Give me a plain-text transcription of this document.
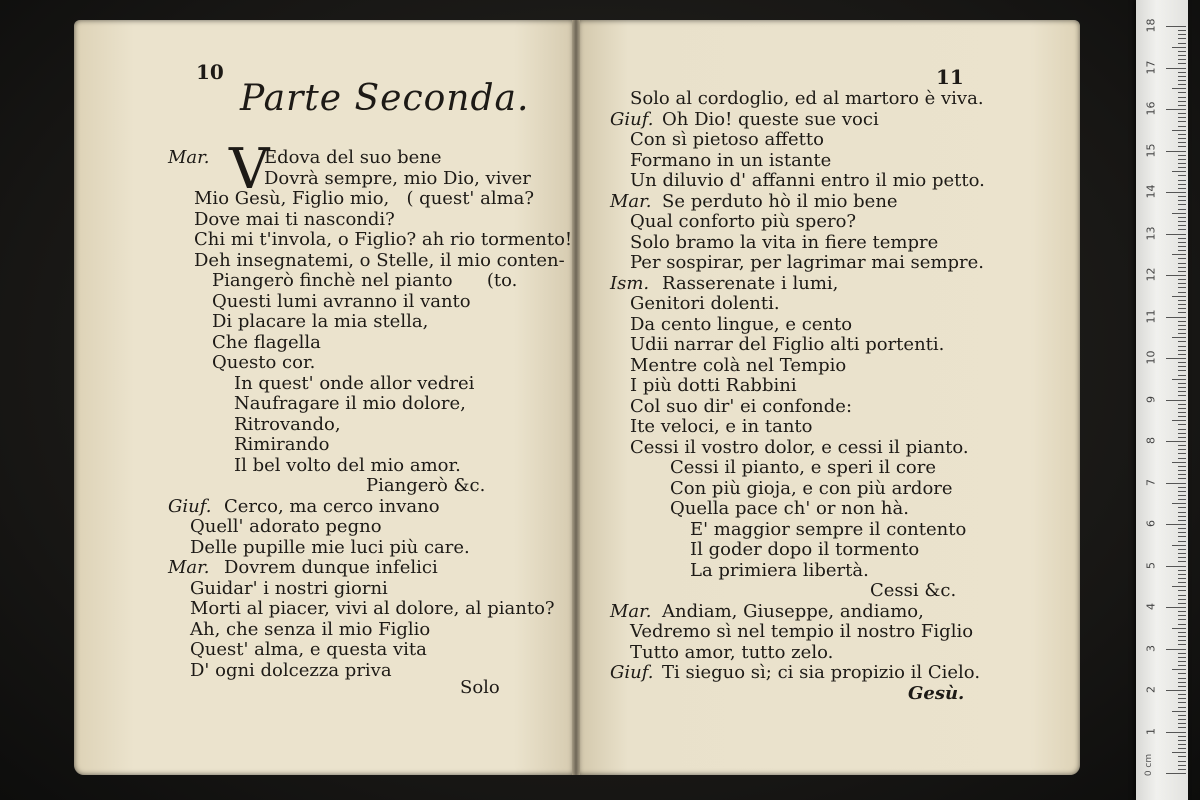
10
Parte Seconda.
V
Mar.	Edova del suo bene
Dovrà sempre, mio Dio, viver
Mio Gesù, Figlio mio,   ( quest' alma?
Dove mai ti nascondi?
Chi mi t'invola, o Figlio? ah rio tormento!
Deh insegnatemi, o Stelle, il mio conten-
Piangerò finchè nel pianto      (to.
Questi lumi avranno il vanto
Di placare la mia stella,
Che flagella
Questo cor.
In quest' onde allor vedrei
Naufragare il mio dolore,
Ritrovando,
Rimirando
Il bel volto del mio amor.
Piangerò &c.
Giuf. Cerco, ma cerco invano
Quell' adorato pegno
Delle pupille mie luci più care.
Mar. Dovrem dunque infelici
Guidar' i nostri giorni
Morti al piacer, vivi al dolore, al pianto?
Ah, che senza il mio Figlio
Quest' alma, e questa vita
D' ogni dolcezza priva
Solo
11
Solo al cordoglio, ed al martoro è viva.
Giuf. Oh Dio! queste sue voci
Con sì pietoso affetto
Formano in un istante
Un diluvio d' affanni entro il mio petto.
Mar. Se perduto hò il mio bene
Qual conforto più spero?
Solo bramo la vita in fiere tempre
Per sospirar, per lagrimar mai sempre.
Ism. Rasserenate i lumi,
Genitori dolenti.
Da cento lingue, e cento
Udii narrar del Figlio alti portenti.
Mentre colà nel Tempio
I più dotti Rabbini
Col suo dir' ei confonde:
Ite veloci, e in tanto
Cessi il vostro dolor, e cessi il pianto.
Cessi il pianto, e speri il core
Con più gioja, e con più ardore
Quella pace ch' or non hà.
E' maggior sempre il contento
Il goder dopo il tormento
La primiera libertà.
Cessi &c.
Mar. Andiam, Giuseppe, andiamo,
Vedremo sì nel tempio il nostro Figlio
Tutto amor, tutto zelo.
Giuf. Ti sieguo sì; ci sia propizio il Cielo.
Gesù.
0 cm
1
2
3
4
5
6
7
8
9
10
11
12
13
14
15
16
17
18
